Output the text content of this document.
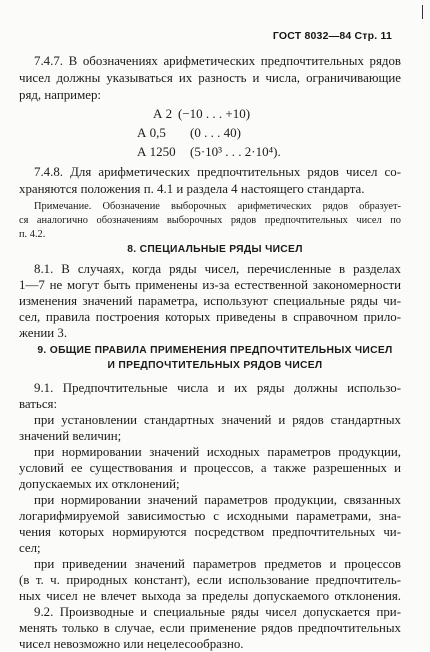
ГОСТ 8032—84 Стр. 11
7.4.7. В обозначениях арифметических предпочтительных рядов
чисел должны указываться их разность и числа, ограничивающие
ряд, например:
А 2 (−10 . . . +10)
А 0,5 (0 . . . 40)
А 1250 (5·10³ . . . 2·10⁴).
7.4.8. Для арифметических предпочтительных рядов чисел со-
храняются положения п. 4.1 и раздела 4 настоящего стандарта.
Примечание. Обозначение выборочных арифметических рядов образует-
ся аналогично обозначениям выборочных рядов предпочтительных чисел по
п. 4.2.
8. СПЕЦИАЛЬНЫЕ РЯДЫ ЧИСЕЛ
8.1. В случаях, когда ряды чисел, перечисленные в разделах
1—7 не могут быть применены из-за естественной закономерности
изменения значений параметра, используют специальные ряды чи-
сел, правила построения которых приведены в справочном прило-
жении 3.
9. ОБЩИЕ ПРАВИЛА ПРИМЕНЕНИЯ ПРЕДПОЧТИТЕЛЬНЫХ ЧИСЕЛ
И ПРЕДПОЧТИТЕЛЬНЫХ РЯДОВ ЧИСЕЛ
9.1. Предпочтительные числа и их ряды должны использо-
ваться:
при установлении стандартных значений и рядов стандартных
значений величин;
при нормировании значений исходных параметров продукции,
условий ее существования и процессов, а также разрешенных и
допускаемых их отклонений;
при нормировании значений параметров продукции, связанных
логарифмируемой зависимостью с исходными параметрами, зна-
чения которых нормируются посредством предпочтительных чи-
сел;
при приведении значений параметров предметов и процессов
(в т. ч. природных констант), если использование предпочтитель-
ных чисел не влечет выхода за пределы допускаемого отклонения.
9.2. Производные и специальные ряды чисел допускается при-
менять только в случае, если применение рядов предпочтительных
чисел невозможно или нецелесообразно.
